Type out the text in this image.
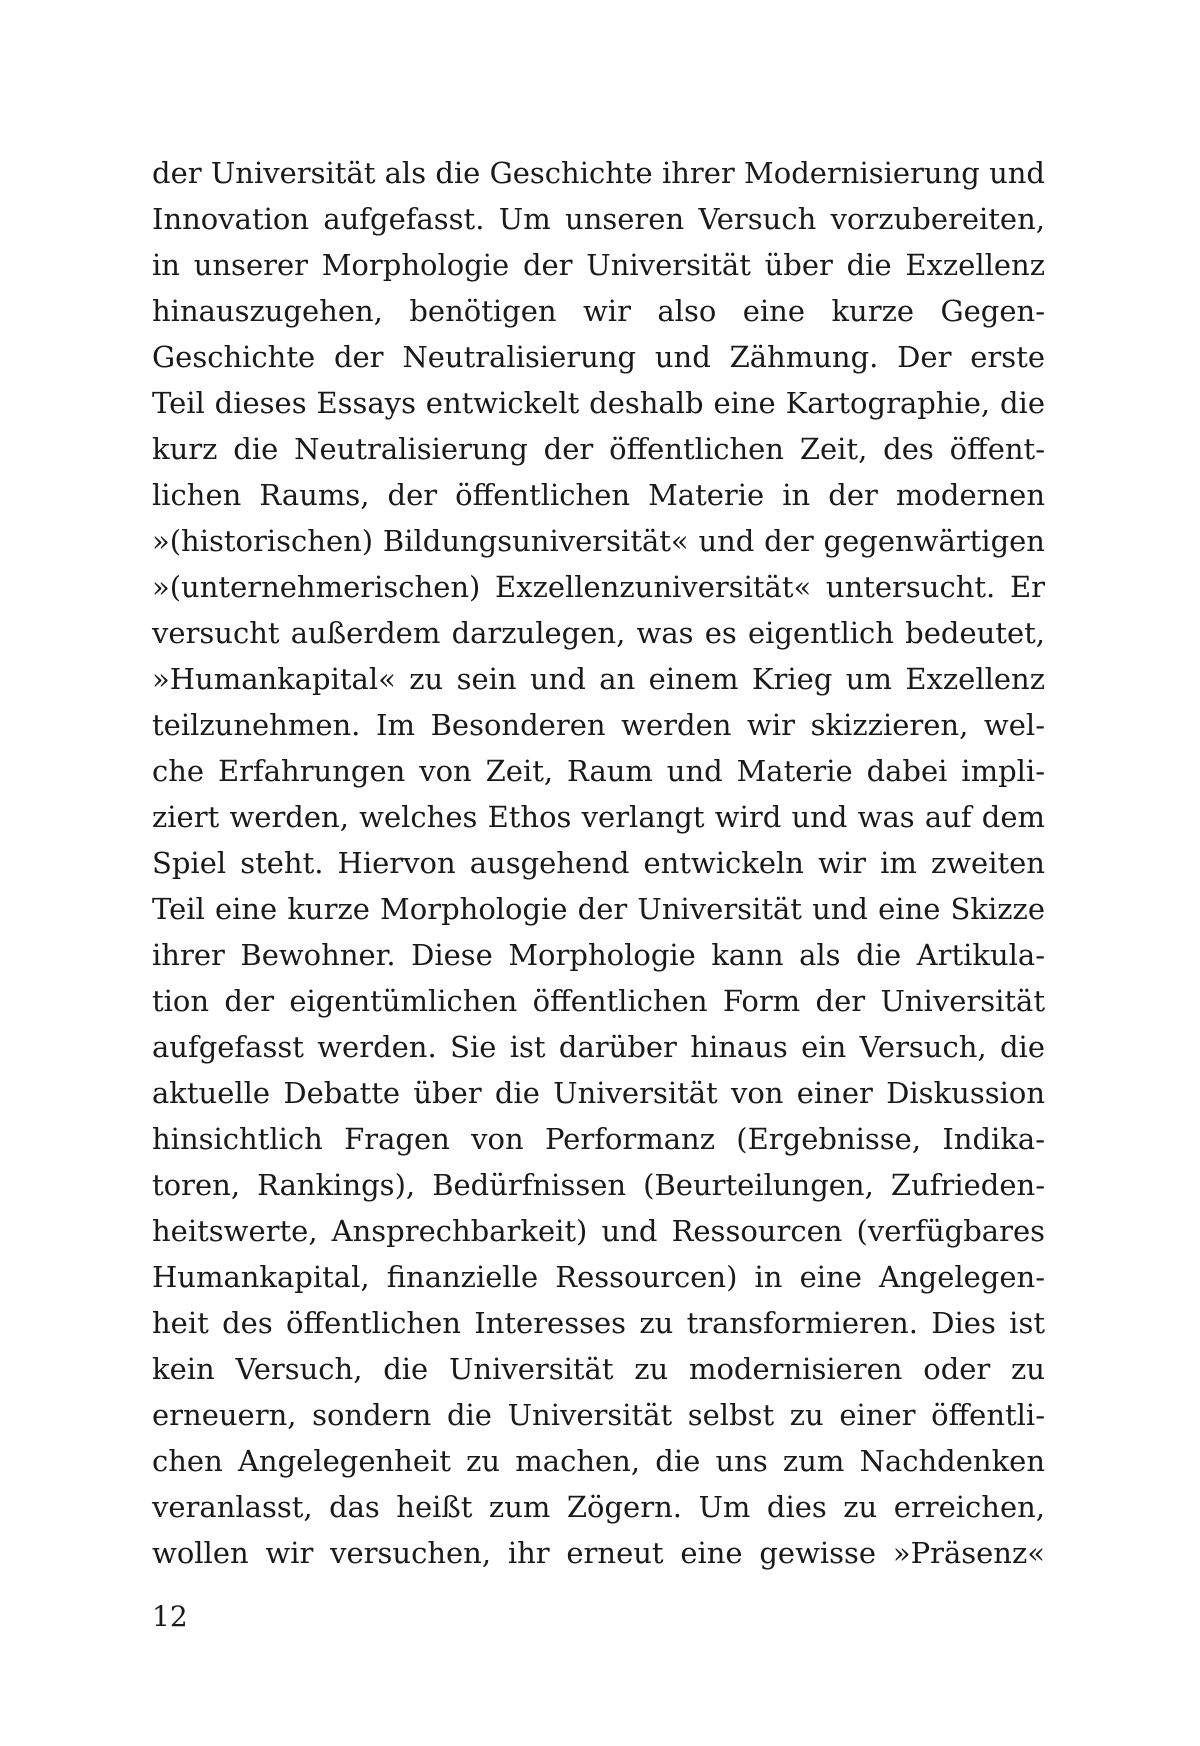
der Universität als die Geschichte ihrer Modernisierung und
Innovation aufgefasst. Um unseren Versuch vorzubereiten,
in unserer Morphologie der Universität über die Exzellenz
hinauszugehen, benötigen wir also eine kurze Gegen-
Geschichte der Neutralisierung und Zähmung. Der erste
Teil dieses Essays entwickelt deshalb eine Kartographie, die
kurz die Neutralisierung der öffentlichen Zeit, des öffent-
lichen Raums, der öffentlichen Materie in der modernen
»(historischen) Bildungsuniversität« und der gegenwärtigen
»(unternehmerischen) Exzellenzuniversität« untersucht. Er
versucht außerdem darzulegen, was es eigentlich bedeutet,
»Humankapital« zu sein und an einem Krieg um Exzellenz
teilzunehmen. Im Besonderen werden wir skizzieren, wel-
che Erfahrungen von Zeit, Raum und Materie dabei impli-
ziert werden, welches Ethos verlangt wird und was auf dem
Spiel steht. Hiervon ausgehend entwickeln wir im zweiten
Teil eine kurze Morphologie der Universität und eine Skizze
ihrer Bewohner. Diese Morphologie kann als die Artikula-
tion der eigentümlichen öffentlichen Form der Universität
aufgefasst werden. Sie ist darüber hinaus ein Versuch, die
aktuelle Debatte über die Universität von einer Diskussion
hinsichtlich Fragen von Performanz (Ergebnisse, Indika-
toren, Rankings), Bedürfnissen (Beurteilungen, Zufrieden-
heitswerte, Ansprechbarkeit) und Ressourcen (verfügbares
Humankapital, finanzielle Ressourcen) in eine Angelegen-
heit des öffentlichen Interesses zu transformieren. Dies ist
kein Versuch, die Universität zu modernisieren oder zu
erneuern, sondern die Universität selbst zu einer öffentli-
chen Angelegenheit zu machen, die uns zum Nachdenken
veranlasst, das heißt zum Zögern. Um dies zu erreichen,
wollen wir versuchen, ihr erneut eine gewisse »Präsenz«
12
